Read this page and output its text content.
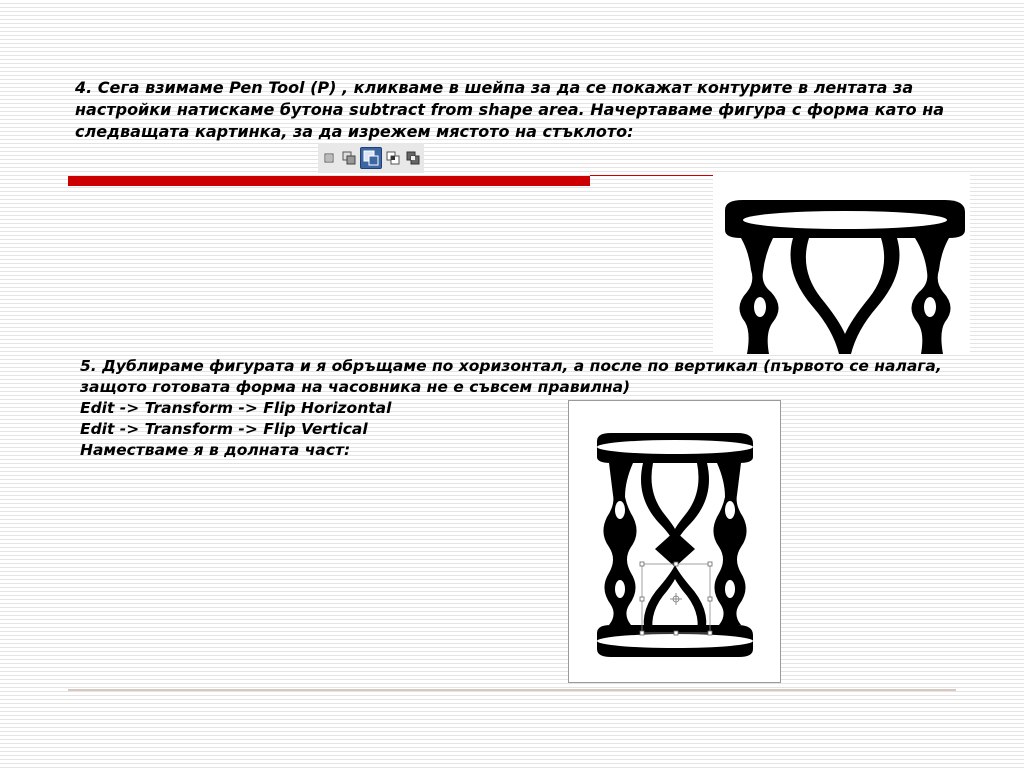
4. Сега взимаме Pen Tool (P) , кликваме в шейпа за да се покажат контурите в лентата за настройки натискаме бутона subtract from shape area. Начертаваме фигура с форма като на следващата картинка, за да изрежем мястото на стъклото:

5. Дублираме фигурата и я обръщаме по хоризонтал, а после по вертикал (първото се налага, защото готовата форма на часовника не е съвсем правилна)
Edit -> Transform -> Flip Horizontal
Edit -> Transform -> Flip Vertical
Наместваме я в долната част:
